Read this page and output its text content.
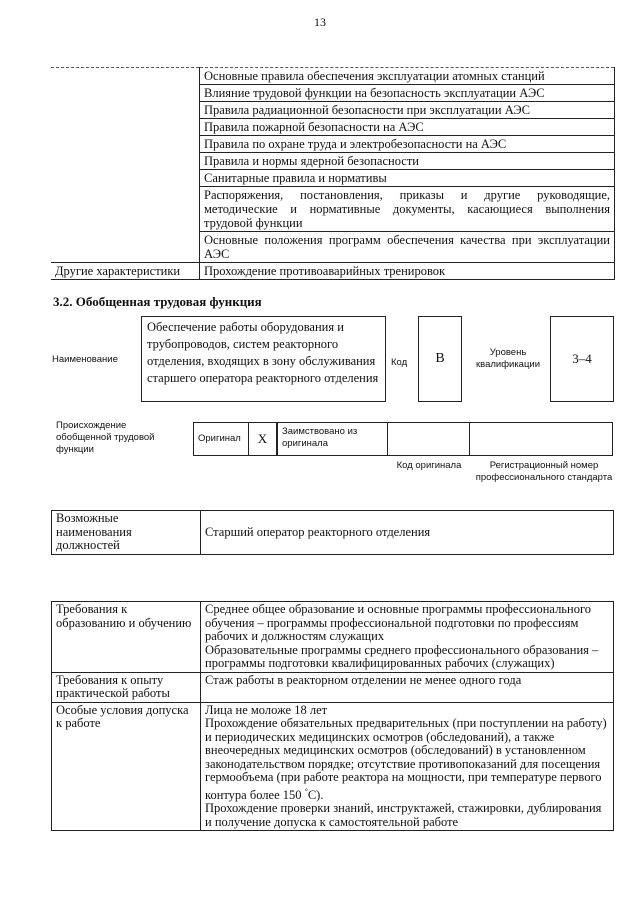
13
	Основные правила обеспечения эксплуатации атомных станций
	Влияние трудовой функции на безопасность эксплуатации АЭС
	Правила радиационной безопасности при эксплуатации АЭС
	Правила пожарной безопасности на АЭС
	Правила по охране труда и электробезопасности на АЭС
	Правила и нормы ядерной безопасности
	Санитарные правила и нормативы
	Распоряжения, постановления, приказы и другие руководящие, методические и нормативные документы, касающиеся выполнения трудовой функции
	Основные положения программ обеспечения качества при эксплуатации АЭС
Другие характеристики	Прохождение противоаварийных тренировок
3.2. Обобщенная трудовая функция
Наименование
Обеспечение работы оборудования и трубопроводов, систем реакторного отделения, входящих в зону обслуживания старшего оператора реакторного отделения
Код	B	Уровень квалификации	3–4
Происхождение обобщенной трудовой функции
Оригинал	X	Заимствовано из оригинала
Код оригинала	Регистрационный номер профессионального стандарта
Возможные наименования должностей	Старший оператор реакторного отделения
Требования к образованию и обучению	Среднее общее образование и основные программы профессионального обучения – программы профессиональной подготовки по профессиям рабочих и должностям служащих
Образовательные программы среднего профессионального образования – программы подготовки квалифицированных рабочих (служащих)

Требования к опыту практической работы	Стаж работы в реакторном отделении не менее одного года
Особые условия допуска к работе	Лица не моложе 18 лет
Прохождение обязательных предварительных (при поступлении на работу) и периодических медицинских осмотров (обследований), а также внеочередных медицинских осмотров (обследований) в установленном законодательством порядке; отсутствие противопоказаний для посещения гермообъема (при работе реактора на мощности, при температуре первого контура более 150 °С).
Прохождение проверки знаний, инструктажей, стажировки, дублирования и получение допуска к самостоятельной работе
